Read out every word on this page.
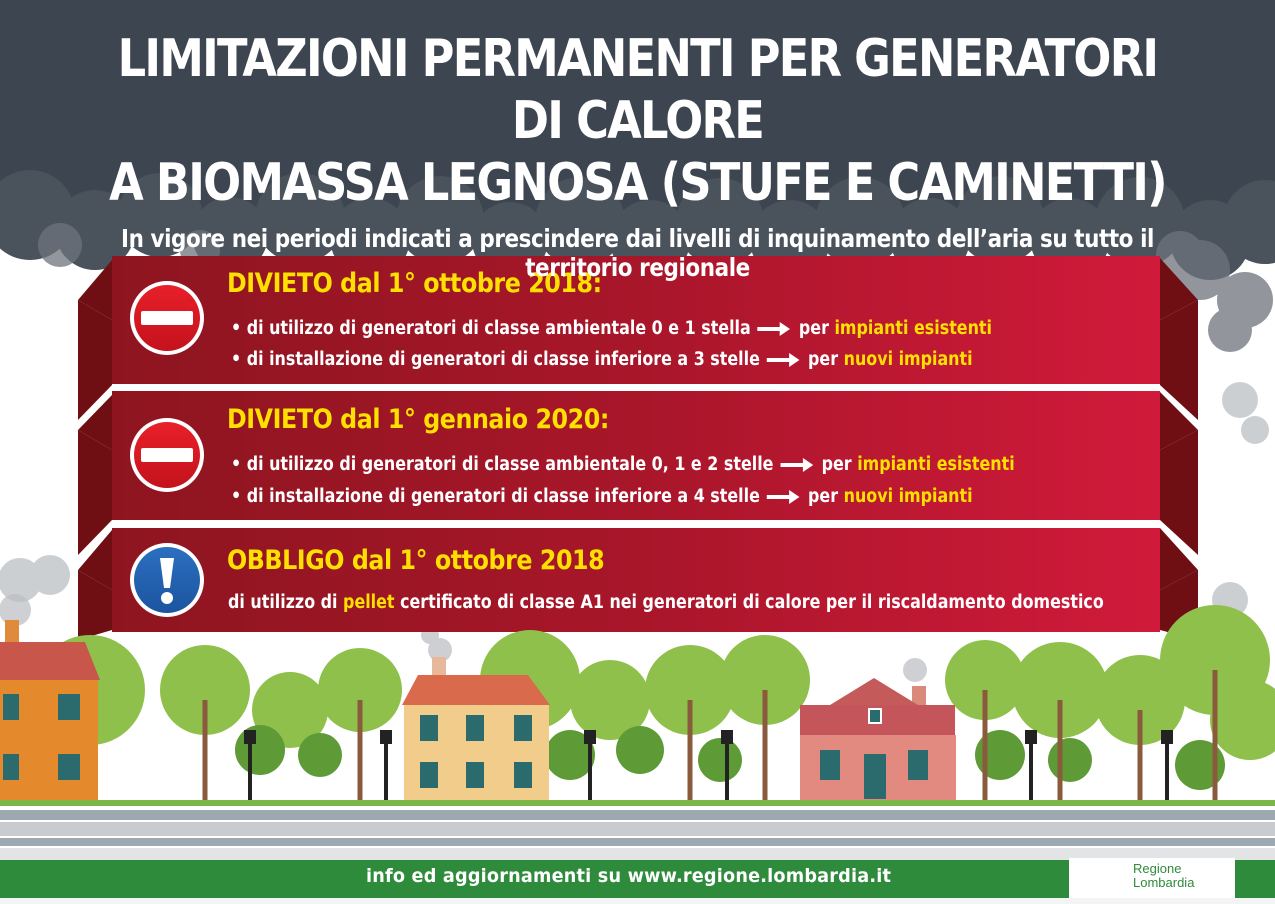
LIMITAZIONI PERMANENTI PER GENERATORI DI CALORE
A BIOMASSA LEGNOSA (STUFE E CAMINETTI)
In vigore nei periodi indicati a prescindere dai livelli di inquinamento dell’aria su tutto il territorio regionale
DIVIETO dal 1° ottobre 2018:
• di utilizzo di generatori di classe ambientale 0 e 1 stella	per
impianti esistenti
• di installazione di generatori di classe inferiore a 3 stelle	per
nuovi impianti
DIVIETO dal 1° gennaio 2020:
• di utilizzo di generatori di classe ambientale 0, 1 e 2 stelle	per
impianti esistenti
• di installazione di generatori di classe inferiore a 4 stelle	per
nuovi impianti
OBBLIGO dal 1° ottobre 2018
di utilizzo di pellet certificato di classe A1 nei generatori di calore per il riscaldamento domestico
info ed aggiornamenti su www.regione.lombardia.it	Regione
Lombardia
